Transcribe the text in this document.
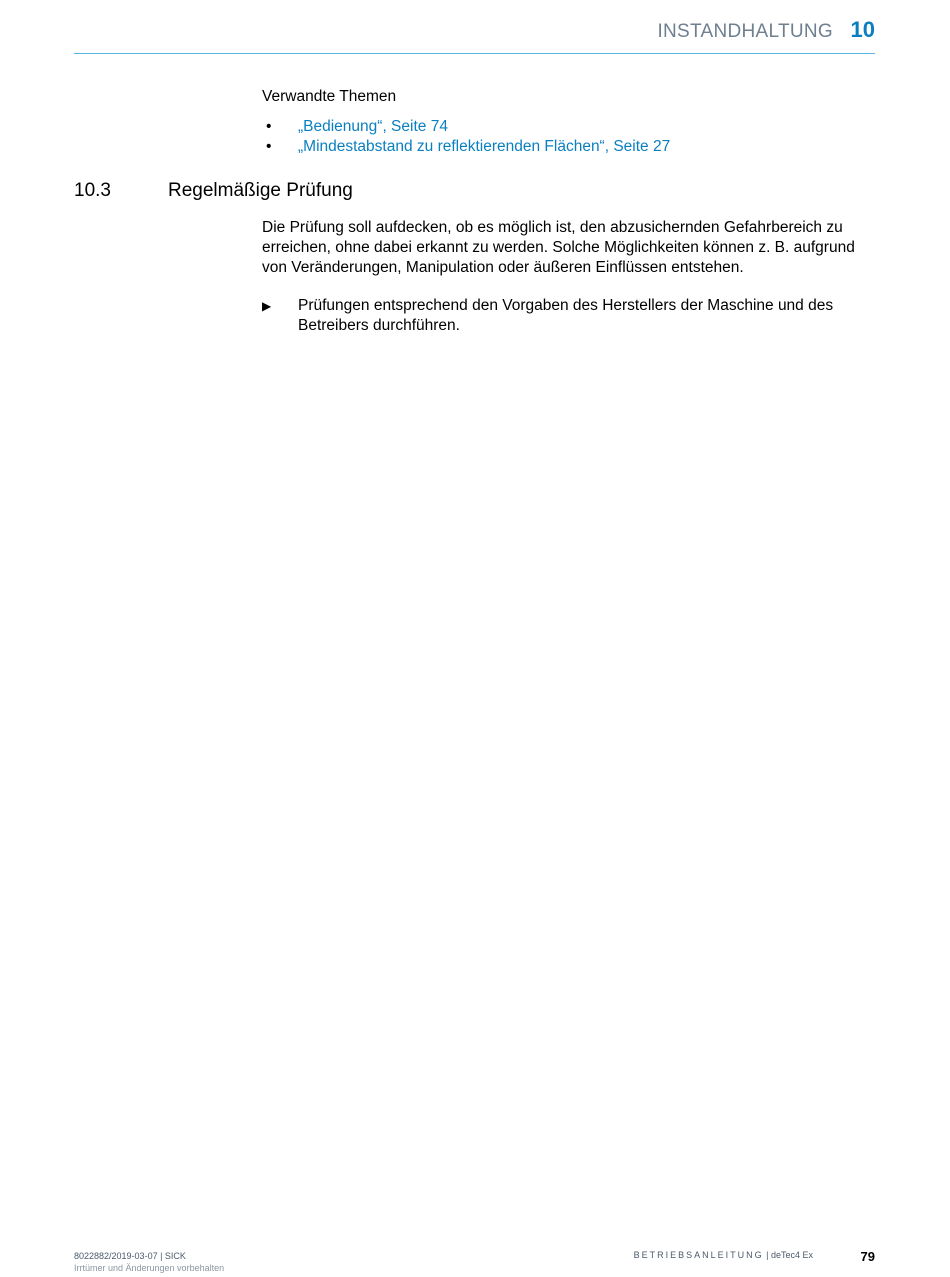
INSTANDHALTUNG 10
Verwandte Themen
• „Bedienung“, Seite 74
• „Mindestabstand zu reflektierenden Flächen“, Seite 27
10.3	Regelmäßige Prüfung

Die Prüfung soll aufdecken, ob es möglich ist, den abzusichernden Gefahrbereich zu erreichen, ohne dabei erkannt zu werden. Solche Möglichkeiten können z. B. aufgrund von Veränderungen, Manipulation oder äußeren Einflüssen entstehen.

▶ Prüfungen entsprechend den Vorgaben des Herstellers der Maschine und des Betreibers durchführen.
8022882/2019-03-07 | SICK
Irrtümer und Änderungen vorbehalten
BETRIEBSANLEITUNG | deTec4 Ex	79
